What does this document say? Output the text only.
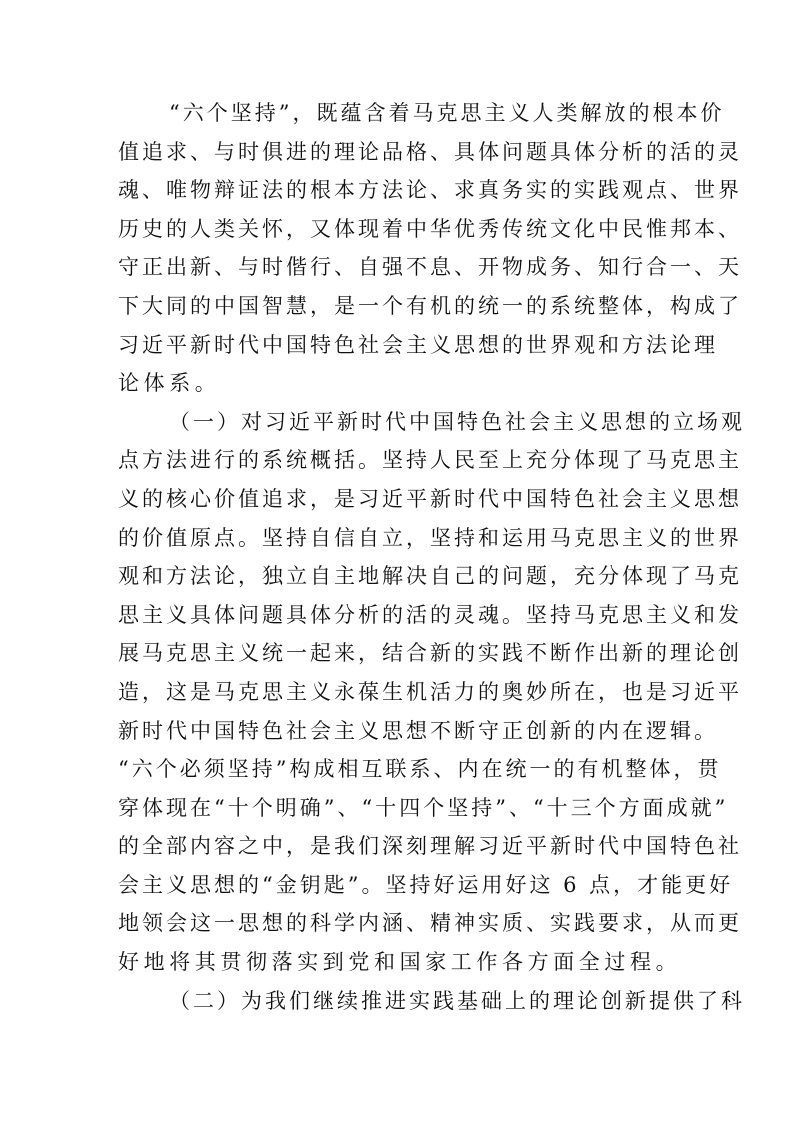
“六个坚持”，既蕴含着马克思主义人类解放的根本价
值追求、与时俱进的理论品格、具体问题具体分析的活的灵
魂、唯物辩证法的根本方法论、求真务实的实践观点、世界
历史的人类关怀，又体现着中华优秀传统文化中民惟邦本、
守正出新、与时偕行、自强不息、开物成务、知行合一、天
下大同的中国智慧，是一个有机的统一的系统整体，构成了
习近平新时代中国特色社会主义思想的世界观和方法论理
论体系。
（一）对习近平新时代中国特色社会主义思想的立场观
点方法进行的系统概括。坚持人民至上充分体现了马克思主
义的核心价值追求，是习近平新时代中国特色社会主义思想
的价值原点。坚持自信自立，坚持和运用马克思主义的世界
观和方法论，独立自主地解决自己的问题，充分体现了马克
思主义具体问题具体分析的活的灵魂。坚持马克思主义和发
展马克思主义统一起来，结合新的实践不断作出新的理论创
造，这是马克思主义永葆生机活力的奥妙所在，也是习近平
新时代中国特色社会主义思想不断守正创新的内在逻辑。
“六个必须坚持”构成相互联系、内在统一的有机整体，贯
穿体现在“十个明确”、“十四个坚持”、“十三个方面成就”
的全部内容之中，是我们深刻理解习近平新时代中国特色社
会主义思想的“金钥匙”。坚持好运用好这 6 点，才能更好
地领会这一思想的科学内涵、精神实质、实践要求，从而更
好地将其贯彻落实到党和国家工作各方面全过程。
（二）为我们继续推进实践基础上的理论创新提供了科
